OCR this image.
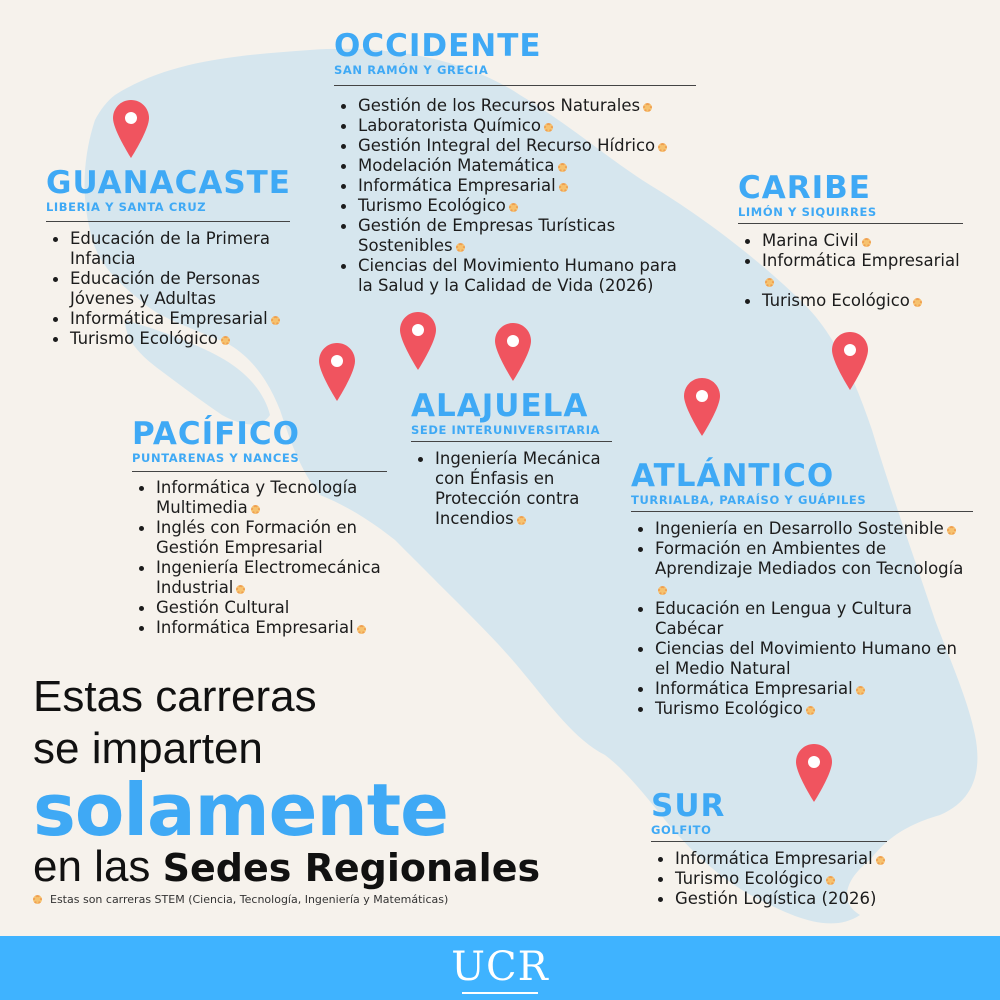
OCCIDENTE
SAN RAMÓN Y GRECIA
Gestión de los Recursos Naturales
Laboratorista Químico
Gestión Integral del Recurso Hídrico
Modelación Matemática
Informática Empresarial
Turismo Ecológico
Gestión de Empresas Turísticas Sostenibles
Ciencias del Movimiento Humano para la Salud y la Calidad de Vida (2026)
GUANACASTE
LIBERIA Y SANTA CRUZ
Educación de la Primera Infancia
Educación de Personas Jóvenes y Adultas
Informática Empresarial
Turismo Ecológico
CARIBE
LIMÓN Y SIQUIRRES
Marina Civil
Informática Empresarial
Turismo Ecológico
PACÍFICO
PUNTARENAS Y NANCES
Informática y Tecnología Multimedia
Inglés con Formación en Gestión Empresarial
Ingeniería Electromecánica Industrial
Gestión Cultural
Informática Empresarial
ALAJUELA
SEDE INTERUNIVERSITARIA
Ingeniería Mecánica con Énfasis en Protección contra Incendios
ATLÁNTICO
TURRIALBA, PARAÍSO Y GUÁPILES
Ingeniería en Desarrollo Sostenible
Formación en Ambientes de Aprendizaje Mediados con Tecnología
Educación en Lengua y Cultura Cabécar
Ciencias del Movimiento Humano en el Medio Natural
Informática Empresarial
Turismo Ecológico
SUR
GOLFITO
Informática Empresarial
Turismo Ecológico
Gestión Logística (2026)
Estas carreras
se imparten
solamente
en las Sedes Regionales
Estas son carreras STEM (Ciencia, Tecnología, Ingeniería y Matemáticas)
UCR
